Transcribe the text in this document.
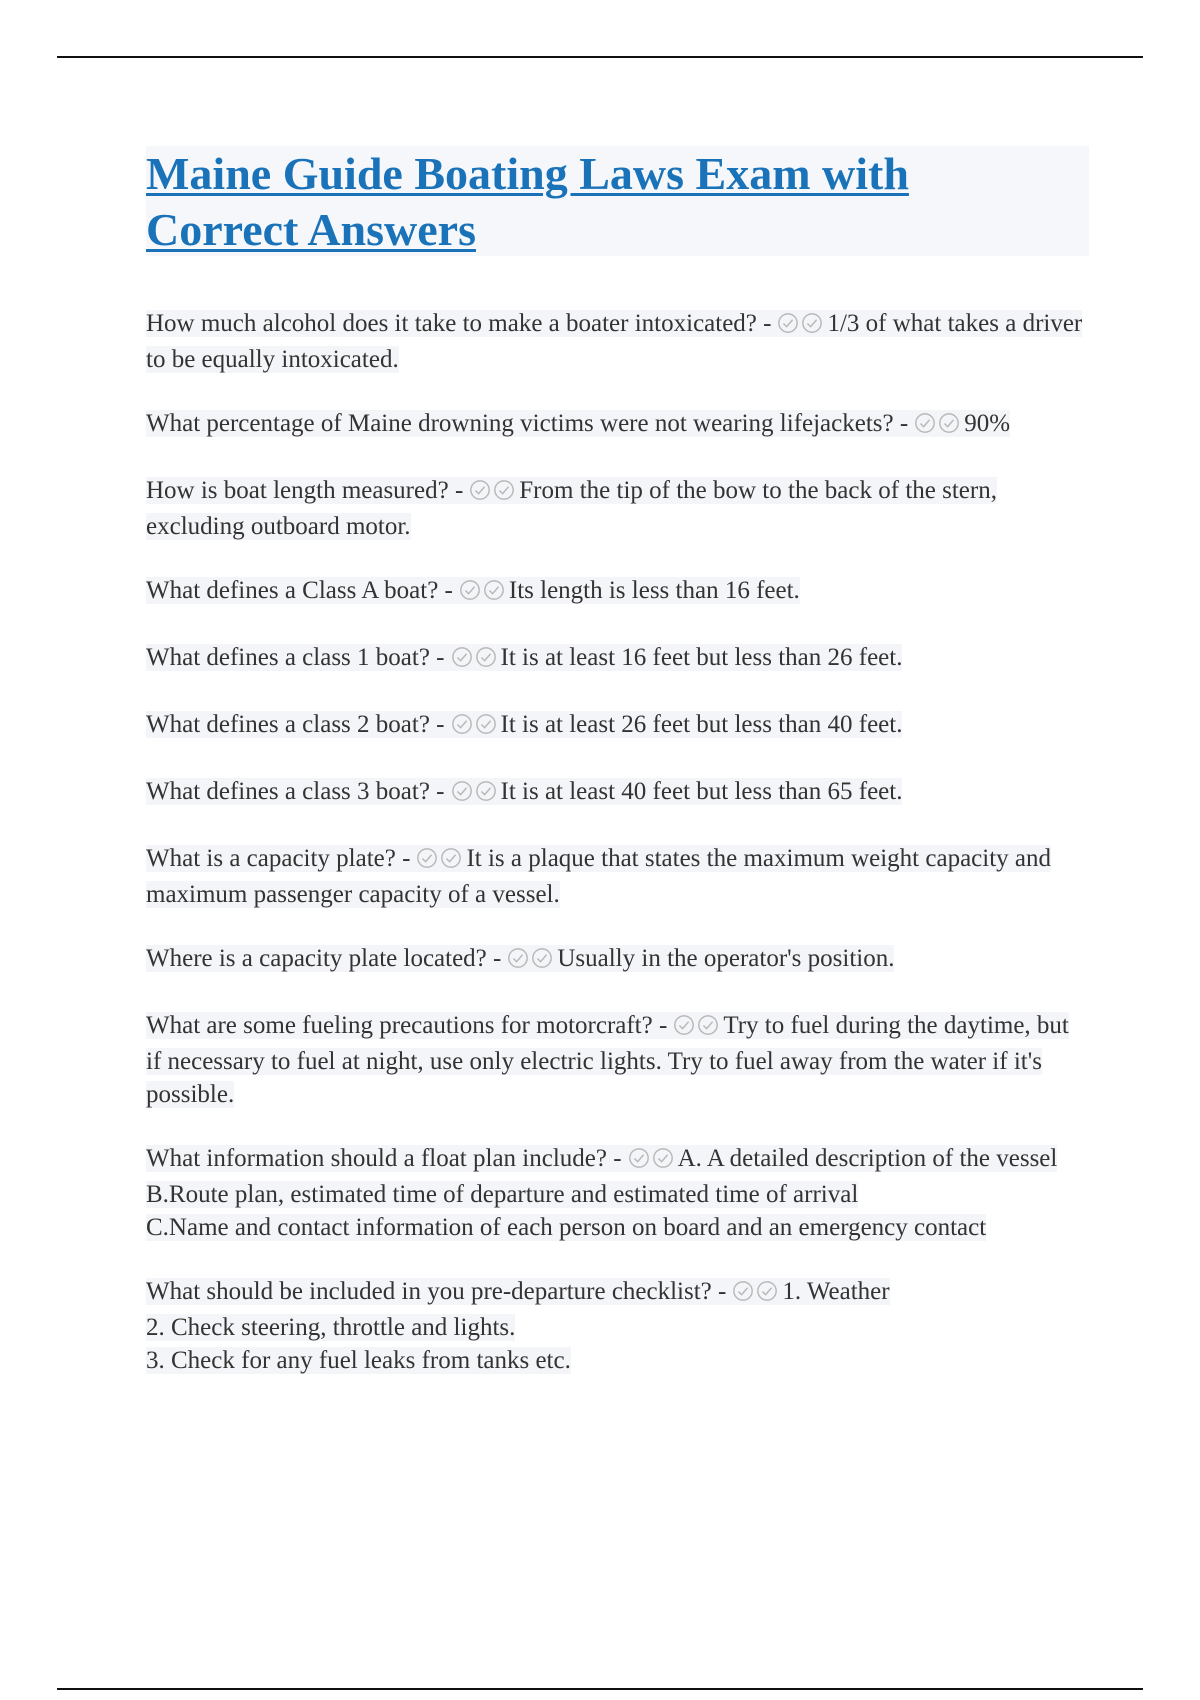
Maine Guide Boating Laws Exam with Correct Answers
How much alcohol does it take to make a boater intoxicated? - 1/3 of what takes a driver to be equally intoxicated.
What percentage of Maine drowning victims were not wearing lifejackets? - 90%
How is boat length measured? - From the tip of the bow to the back of the stern, excluding outboard motor.
What defines a Class A boat? - Its length is less than 16 feet.
What defines a class 1 boat? - It is at least 16 feet but less than 26 feet.
What defines a class 2 boat? - It is at least 26 feet but less than 40 feet.
What defines a class 3 boat? - It is at least 40 feet but less than 65 feet.
What is a capacity plate? - It is a plaque that states the maximum weight capacity and maximum passenger capacity of a vessel.
Where is a capacity plate located? - Usually in the operator's position.
What are some fueling precautions for motorcraft? - Try to fuel during the daytime, but if necessary to fuel at night, use only electric lights. Try to fuel away from the water if it's possible.
What information should a float plan include? - A. A detailed description of the vessel
B.Route plan, estimated time of departure and estimated time of arrival
C.Name and contact information of each person on board and an emergency contact
What should be included in you pre-departure checklist? - 1. Weather
2. Check steering, throttle and lights.
3. Check for any fuel leaks from tanks etc.
